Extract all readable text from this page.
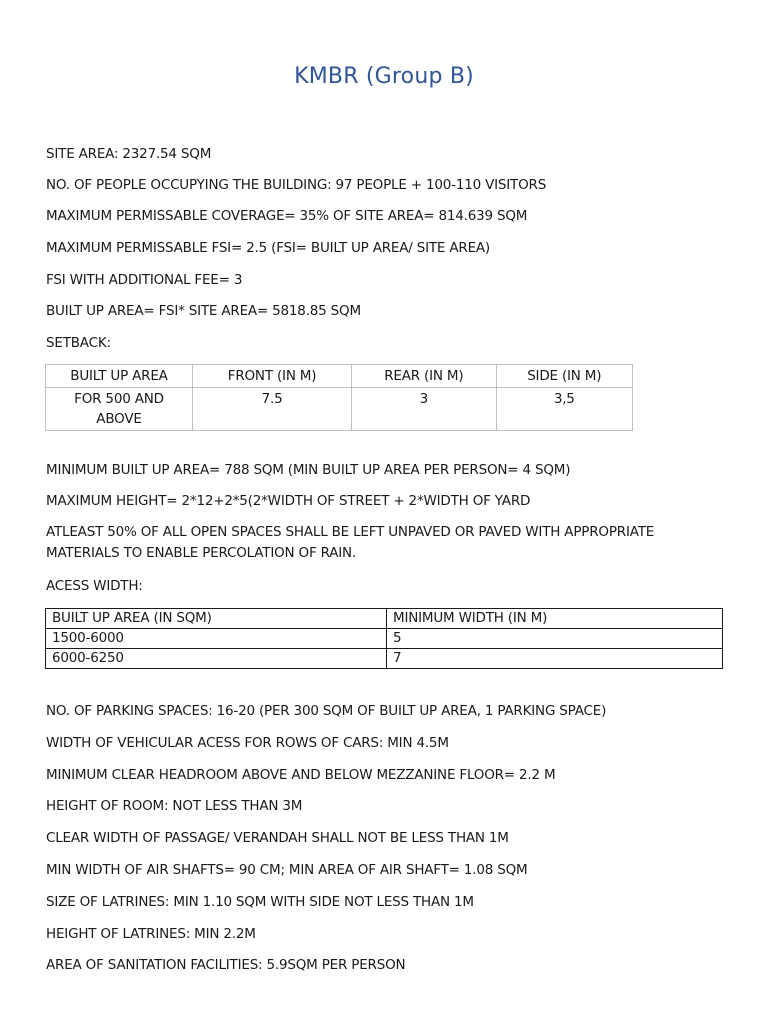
KMBR (Group B)
SITE AREA: 2327.54 SQM
NO. OF PEOPLE OCCUPYING THE BUILDING: 97 PEOPLE + 100-110 VISITORS
MAXIMUM PERMISSABLE COVERAGE= 35% OF SITE AREA= 814.639 SQM
MAXIMUM PERMISSABLE FSI= 2.5 (FSI= BUILT UP AREA/ SITE AREA)
FSI WITH ADDITIONAL FEE= 3
BUILT UP AREA= FSI* SITE AREA= 5818.85 SQM
SETBACK:
BUILT UP AREA	FRONT (IN M)	REAR (IN M)	SIDE (IN M)
FOR 500 AND ABOVE	7.5	3	3,5
MINIMUM BUILT UP AREA= 788 SQM (MIN BUILT UP AREA PER PERSON= 4 SQM)
MAXIMUM HEIGHT= 2*12+2*5(2*WIDTH OF STREET + 2*WIDTH OF YARD
ATLEAST 50% OF ALL OPEN SPACES SHALL BE LEFT UNPAVED OR PAVED WITH APPROPRIATE MATERIALS TO ENABLE PERCOLATION OF RAIN.
ACESS WIDTH:
BUILT UP AREA (IN SQM)	MINIMUM WIDTH (IN M)
1500-6000	5
6000-6250	7
NO. OF PARKING SPACES: 16-20 (PER 300 SQM OF BUILT UP AREA, 1 PARKING SPACE)
WIDTH OF VEHICULAR ACESS FOR ROWS OF CARS: MIN 4.5M
MINIMUM CLEAR HEADROOM ABOVE AND BELOW MEZZANINE FLOOR= 2.2 M
HEIGHT OF ROOM: NOT LESS THAN 3M
CLEAR WIDTH OF PASSAGE/ VERANDAH SHALL NOT BE LESS THAN 1M
MIN WIDTH OF AIR SHAFTS= 90 CM; MIN AREA OF AIR SHAFT= 1.08 SQM
SIZE OF LATRINES: MIN 1.10 SQM WITH SIDE NOT LESS THAN 1M
HEIGHT OF LATRINES: MIN 2.2M
AREA OF SANITATION FACILITIES: 5.9SQM PER PERSON
